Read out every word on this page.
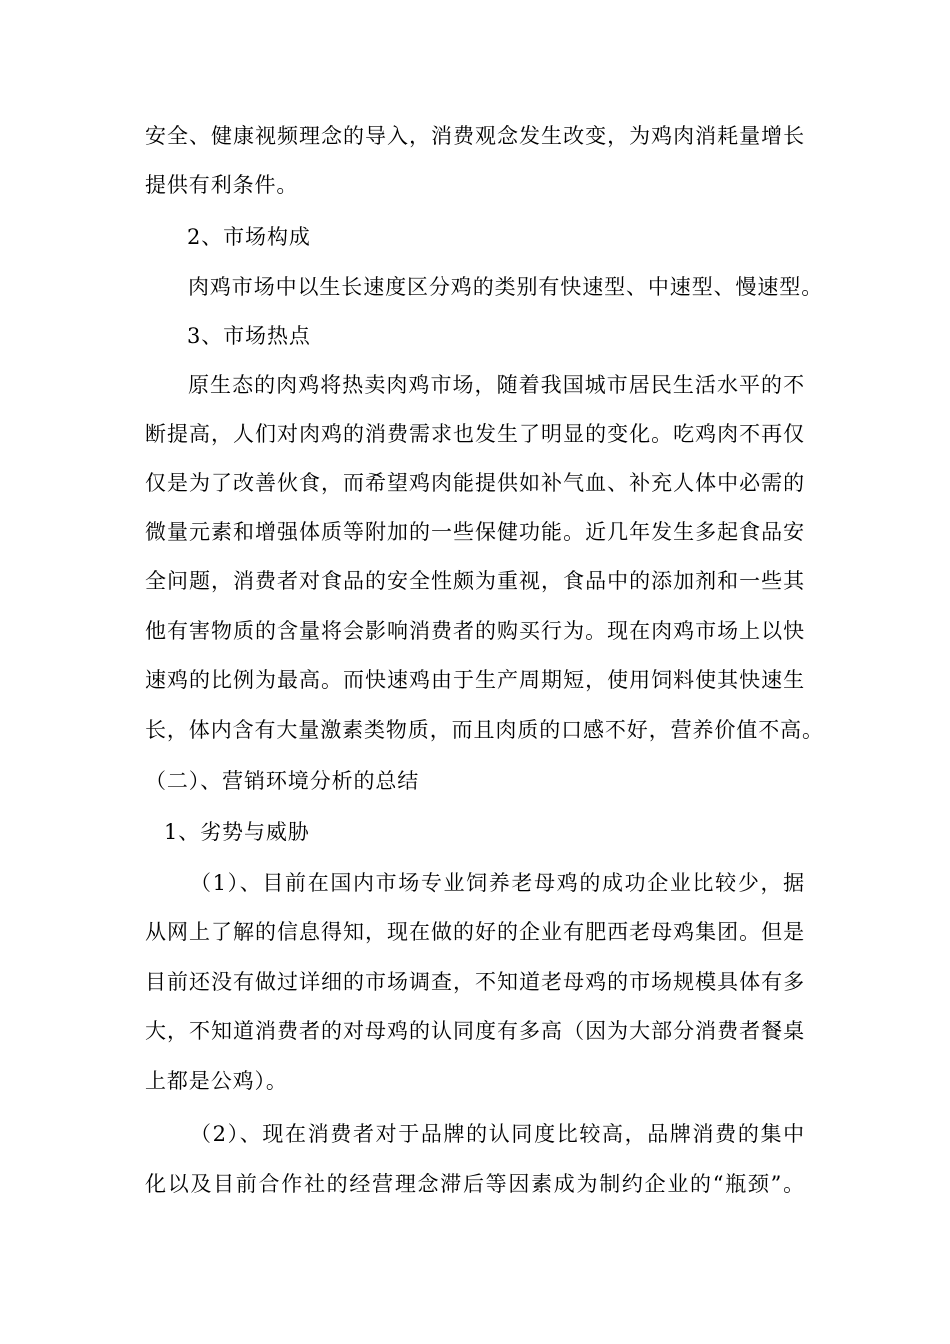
安全、健康视频理念的导入，消费观念发生改变，为鸡肉消耗量增长
提供有利条件。
2、市场构成
肉鸡市场中以生长速度区分鸡的类别有快速型、中速型、慢速型。
3、市场热点
原生态的肉鸡将热卖肉鸡市场，随着我国城市居民生活水平的不
断提高，人们对肉鸡的消费需求也发生了明显的变化。吃鸡肉不再仅
仅是为了改善伙食，而希望鸡肉能提供如补气血、补充人体中必需的
微量元素和增强体质等附加的一些保健功能。近几年发生多起食品安
全问题，消费者对食品的安全性颇为重视，食品中的添加剂和一些其
他有害物质的含量将会影响消费者的购买行为。现在肉鸡市场上以快
速鸡的比例为最高。而快速鸡由于生产周期短，使用饲料使其快速生
长，体内含有大量激素类物质，而且肉质的口感不好，营养价值不高。
（二）、营销环境分析的总结
1、劣势与威胁
（1）、目前在国内市场专业饲养老母鸡的成功企业比较少，据
从网上了解的信息得知，现在做的好的企业有肥西老母鸡集团。但是
目前还没有做过详细的市场调查，不知道老母鸡的市场规模具体有多
大，不知道消费者的对母鸡的认同度有多高（因为大部分消费者餐桌
上都是公鸡）。
（2）、现在消费者对于品牌的认同度比较高，品牌消费的集中
化以及目前合作社的经营理念滞后等因素成为制约企业的“瓶颈”。
